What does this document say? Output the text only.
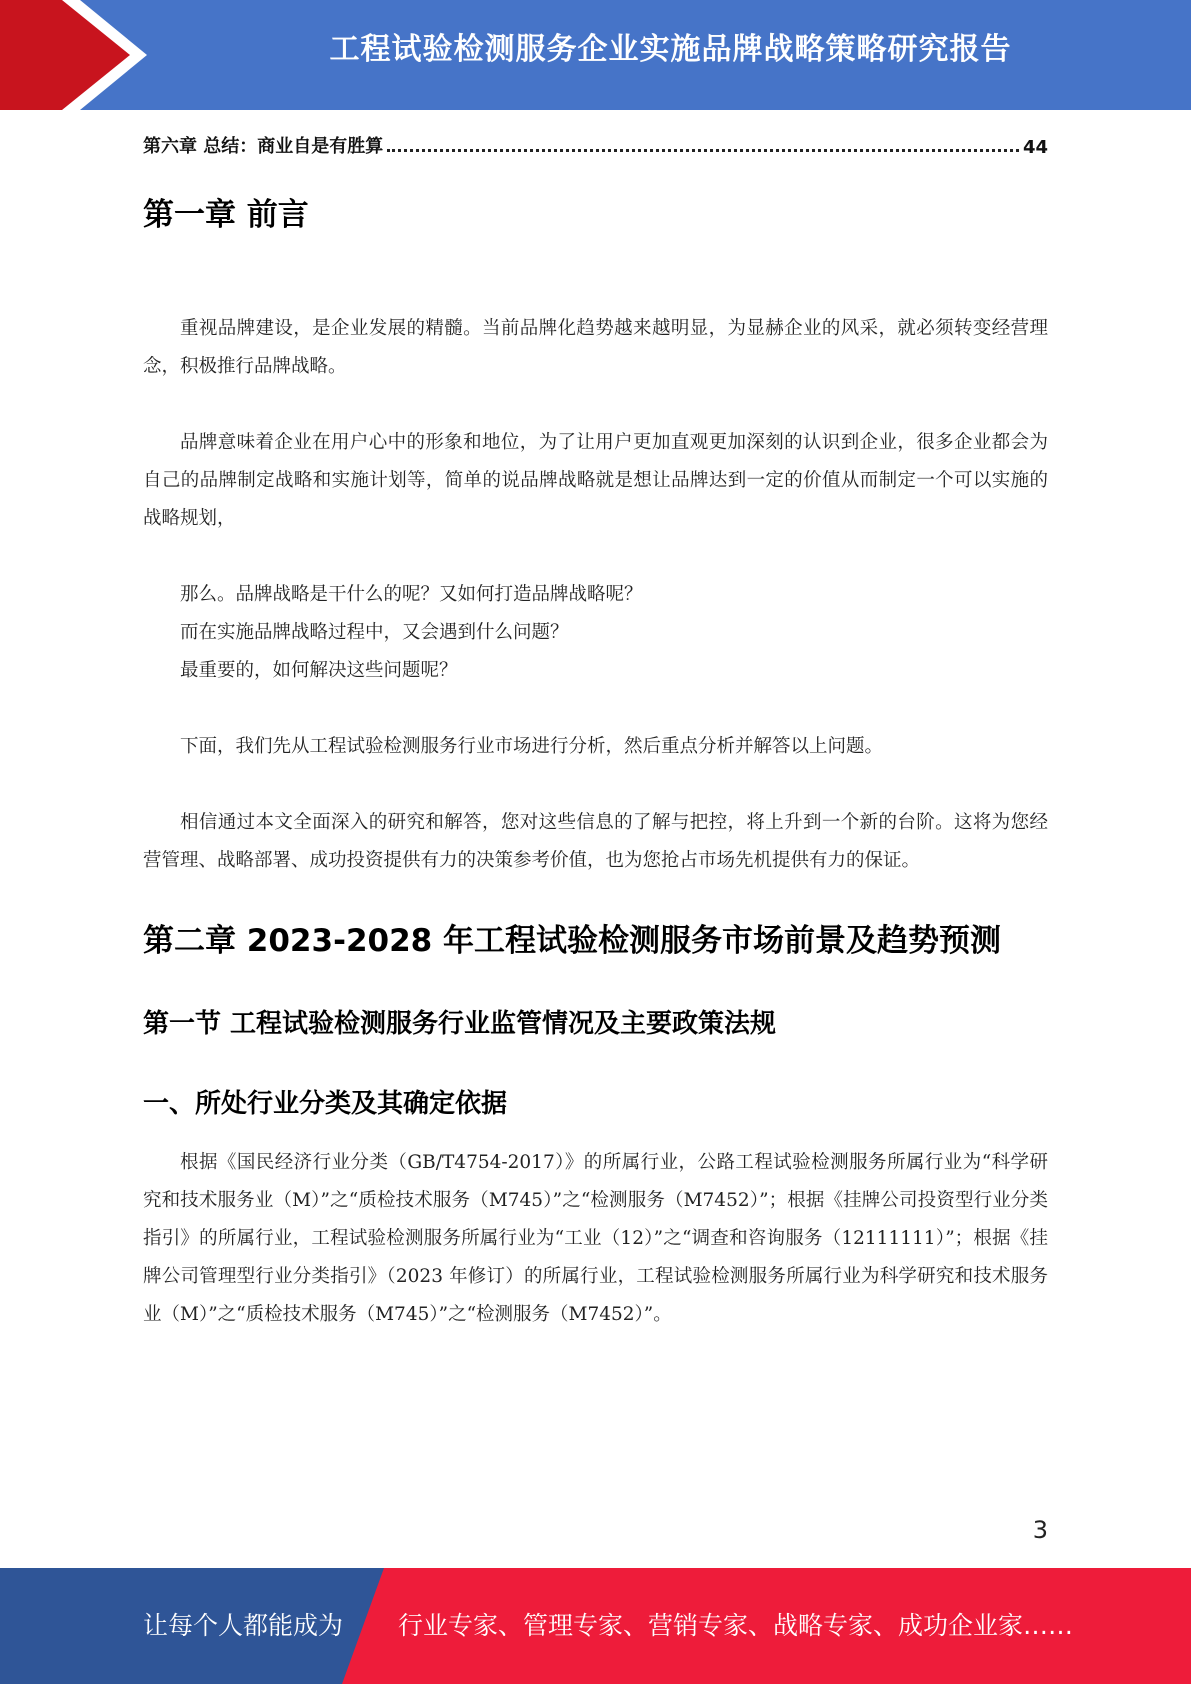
工程试验检测服务企业实施品牌战略策略研究报告
第六章 总结：商业自是有胜算	44
第一章 前言

重视品牌建设，是企业发展的精髓。当前品牌化趋势越来越明显，为显赫企业的风采，就必须转变经营理念，积极推行品牌战略。

品牌意味着企业在用户心中的形象和地位，为了让用户更加直观更加深刻的认识到企业，很多企业都会为自己的品牌制定战略和实施计划等，简单的说品牌战略就是想让品牌达到一定的价值从而制定一个可以实施的战略规划，

那么。品牌战略是干什么的呢？又如何打造品牌战略呢？

而在实施品牌战略过程中，又会遇到什么问题？

最重要的，如何解决这些问题呢？

下面，我们先从工程试验检测服务行业市场进行分析，然后重点分析并解答以上问题。

相信通过本文全面深入的研究和解答，您对这些信息的了解与把控，将上升到一个新的台阶。这将为您经营管理、战略部署、成功投资提供有力的决策参考价值，也为您抢占市场先机提供有力的保证。

第二章 2023-2028 年工程试验检测服务市场前景及趋势预测
第一节 工程试验检测服务行业监管情况及主要政策法规
一、所处行业分类及其确定依据

根据《国民经济行业分类（GB/T4754-2017）》的所属行业，公路工程试验检测服务所属行业为“科学研究和技术服务业（M）”之“质检技术服务（M745）”之“检测服务（M7452）”；根据《挂牌公司投资型行业分类指引》的所属行业，工程试验检测服务所属行业为“工业（12）”之“调查和咨询服务（12111111）”；根据《挂牌公司管理型行业分类指引》（2023 年修订）的所属行业，工程试验检测服务所属行业为科学研究和技术服务业（M）”之“质检技术服务（M745）”之“检测服务（M7452）”。

3
让每个人都能成为 行业专家、管理专家、营销专家、战略专家、成功企业家……
